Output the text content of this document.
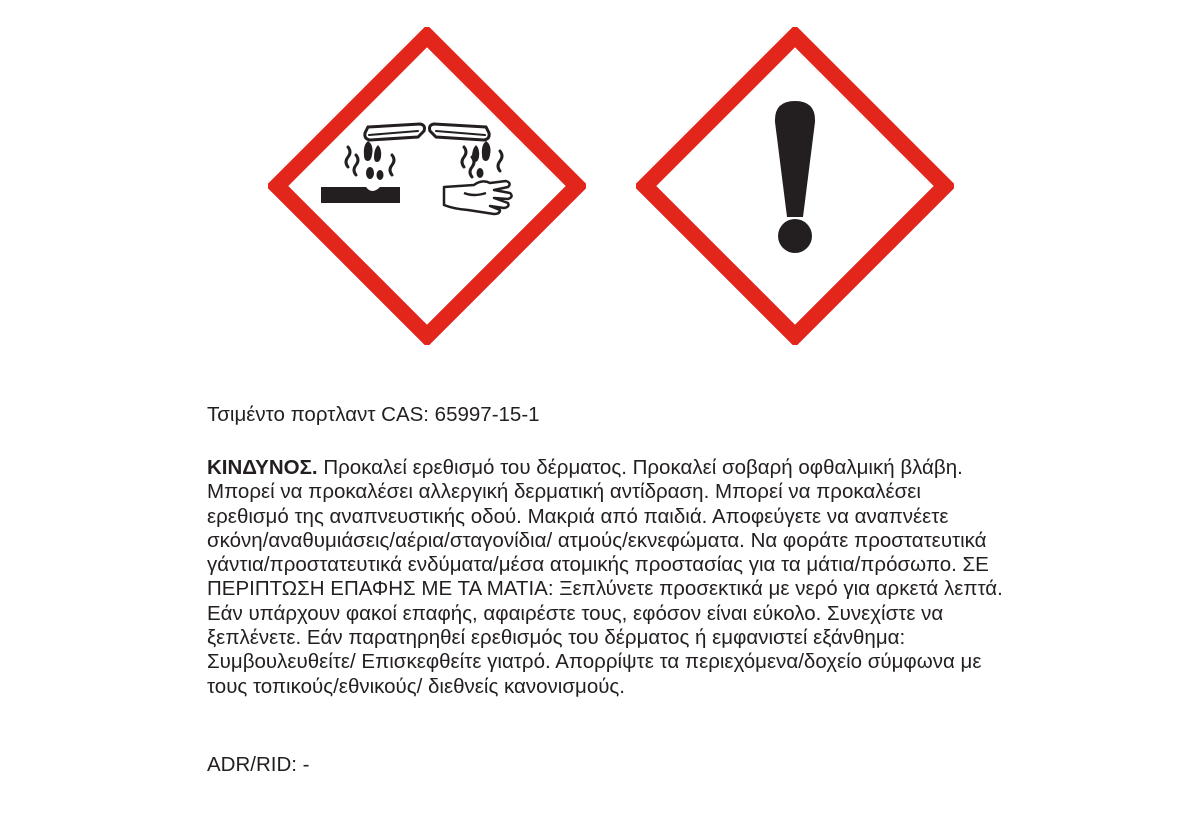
Τσιμέντο πορτλαντ CAS: 65997-15-1
ΚΙΝΔΥΝΟΣ. Προκαλεί ερεθισμό του δέρματος. Προκαλεί σοβαρή οφθαλμική βλάβη. Μπορεί να προκαλέσει αλλεργική δερματική αντίδραση. Μπορεί να προκαλέσει ερεθισμό της αναπνευστικής οδού. Μακριά από παιδιά. Αποφεύγετε να αναπνέετε σκόνη/αναθυμιάσεις/αέρια/σταγονίδια/ ατμούς/εκνεφώματα. Να φοράτε προστατευτικά γάντια/προστατευτικά ενδύματα/μέσα ατομικής προστασίας για τα μάτια/πρόσωπο. ΣΕ ΠΕΡΙΠΤΩΣΗ ΕΠΑΦΗΣ ΜΕ ΤΑ ΜΑΤΙΑ: Ξεπλύνετε προσεκτικά με νερό για αρκετά λεπτά. Εάν υπάρχουν φακοί επαφής, αφαιρέστε τους, εφόσον είναι εύκολο. Συνεχίστε να ξεπλένετε. Εάν παρατηρηθεί ερεθισμός του δέρματος ή εμφανιστεί εξάνθημα: Συμβουλευθείτε/ Επισκεφθείτε γιατρό. Απορρίψτε τα περιεχόμενα/δοχείο σύμφωνα με τους τοπικούς/εθνικούς/ διεθνείς κανονισμούς.
ADR/RID: -
